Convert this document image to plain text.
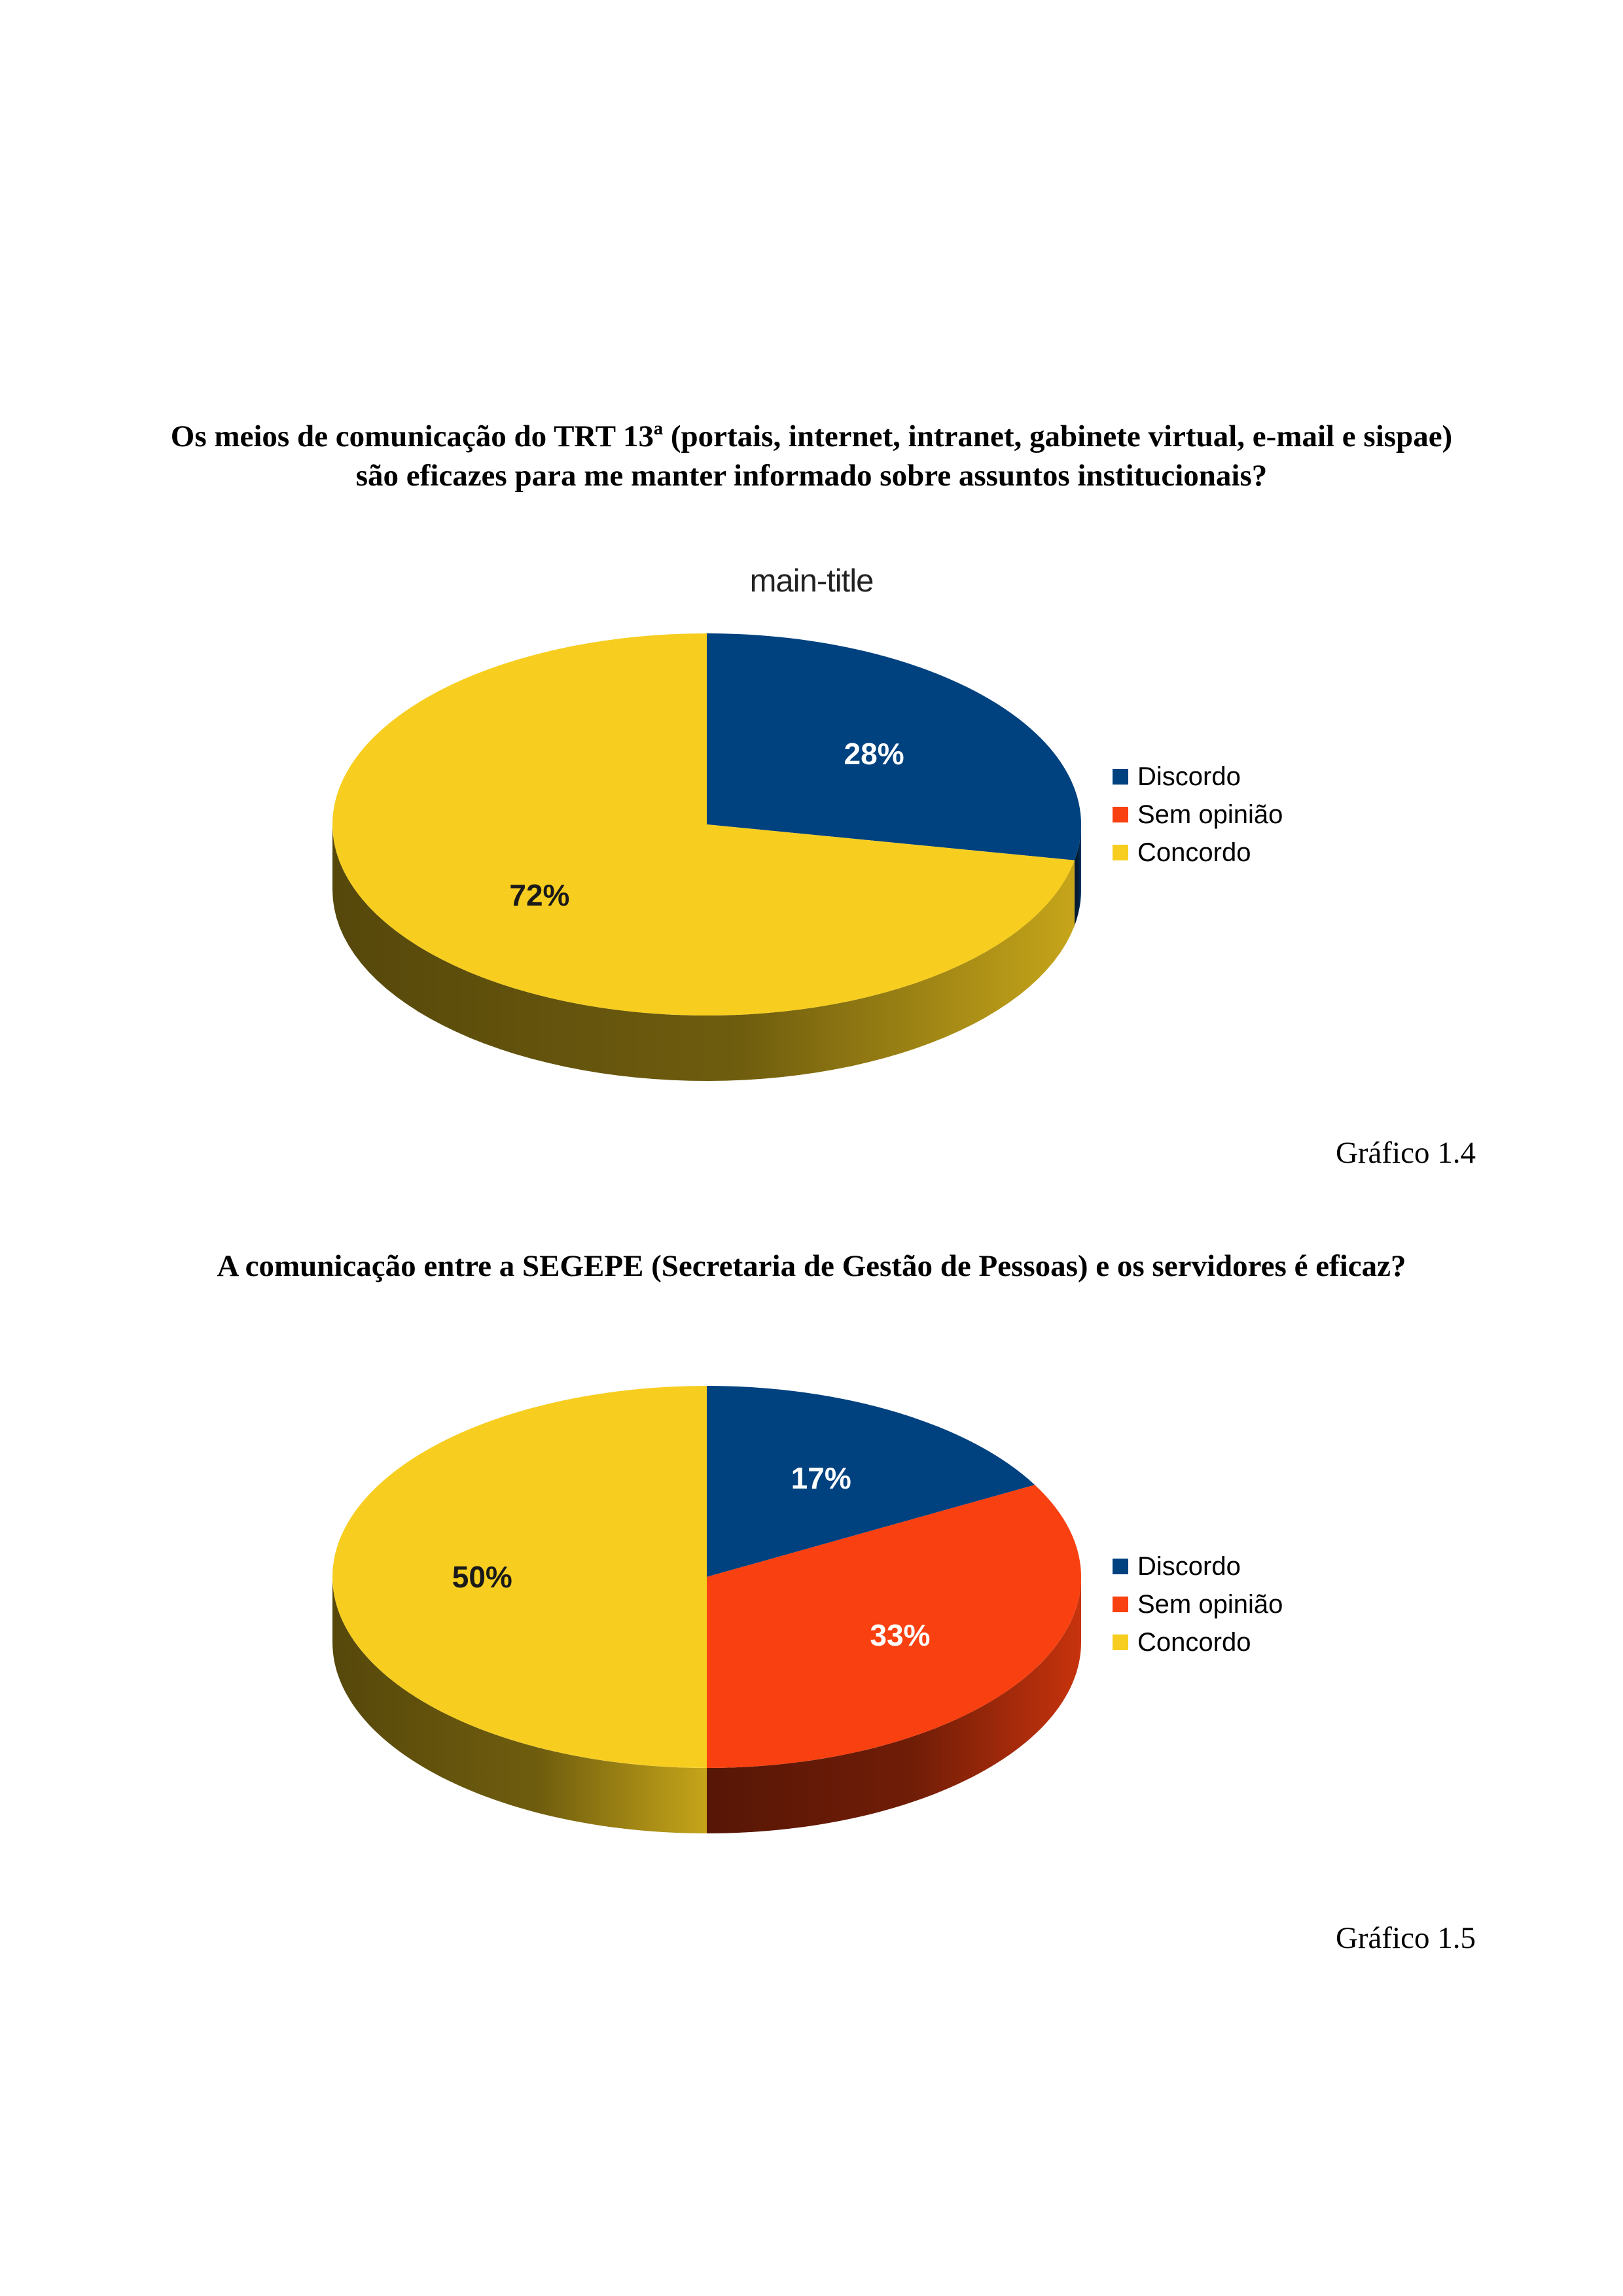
Os meios de comunicação do TRT 13ª (portais, internet, intranet, gabinete virtual, e-mail e sispae) são eficazes para me manter informado sobre assuntos institucionais?
main-title
28%
72%
Discordo
Sem opinião
Concordo
Gráfico 1.4
A comunicação entre a SEGEPE (Secretaria de Gestão de Pessoas) e os servidores é eficaz?
17%
33%
50%	Discordo
Sem opinião
Concordo
Gráfico 1.5
